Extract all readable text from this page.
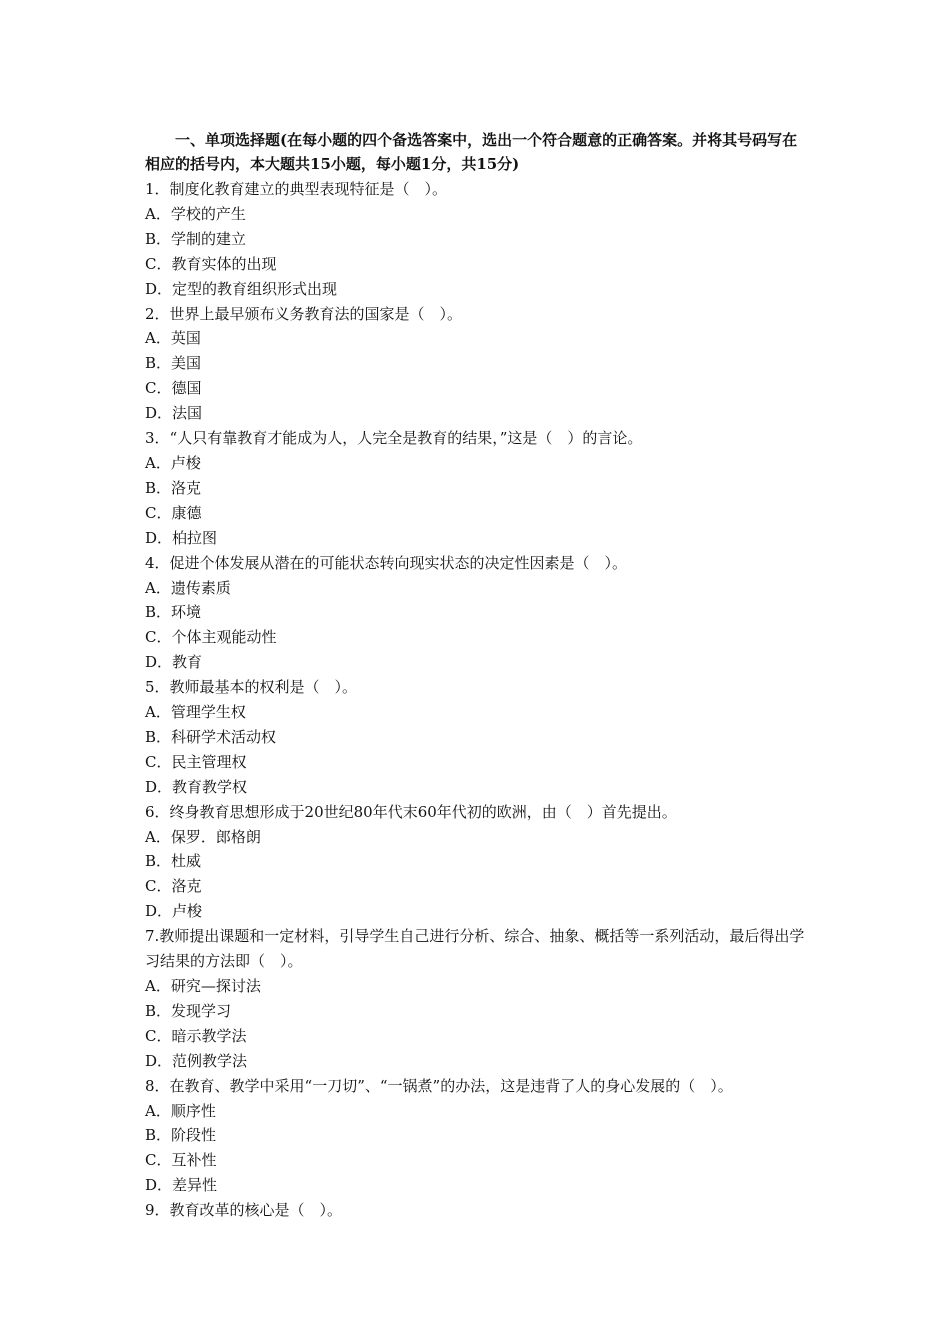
一、单项选择题(在每小题的四个备选答案中，选出一个符合题意的正确答案。并将其号码写在相应的括号内，本大题共15小题，每小题1分，共15分)
1．制度化教育建立的典型表现特征是（　）。
A．学校的产生
B．学制的建立
C．教育实体的出现
D．定型的教育组织形式出现
2．世界上最早颁布义务教育法的国家是（　）。
A．英国
B．美国
C．德国
D．法国
3．“人只有靠教育才能成为人，人完全是教育的结果，”这是（　）的言论。
A．卢梭
B．洛克
C．康德
D．柏拉图
4．促进个体发展从潜在的可能状态转向现实状态的决定性因素是（　）。
A．遗传素质
B．环境
C．个体主观能动性
D．教育
5．教师最基本的权利是（　）。
A．管理学生权
B．科研学术活动权
C．民主管理权
D．教育教学权
6．终身教育思想形成于20世纪80年代末60年代初的欧洲，由（　）首先提出。
A．保罗．郎格朗
B．杜威
C．洛克
D．卢梭
7.教师提出课题和一定材料，引导学生自己进行分析、综合、抽象、概括等一系列活动，最后得出学习结果的方法即（　）。
A．研究—探讨法
B．发现学习
C．暗示教学法
D．范例教学法
8．在教育、教学中采用“一刀切”、“一锅煮”的办法，这是违背了人的身心发展的（　）。
A．顺序性
B．阶段性
C．互补性
D．差异性
9．教育改革的核心是（　）。
